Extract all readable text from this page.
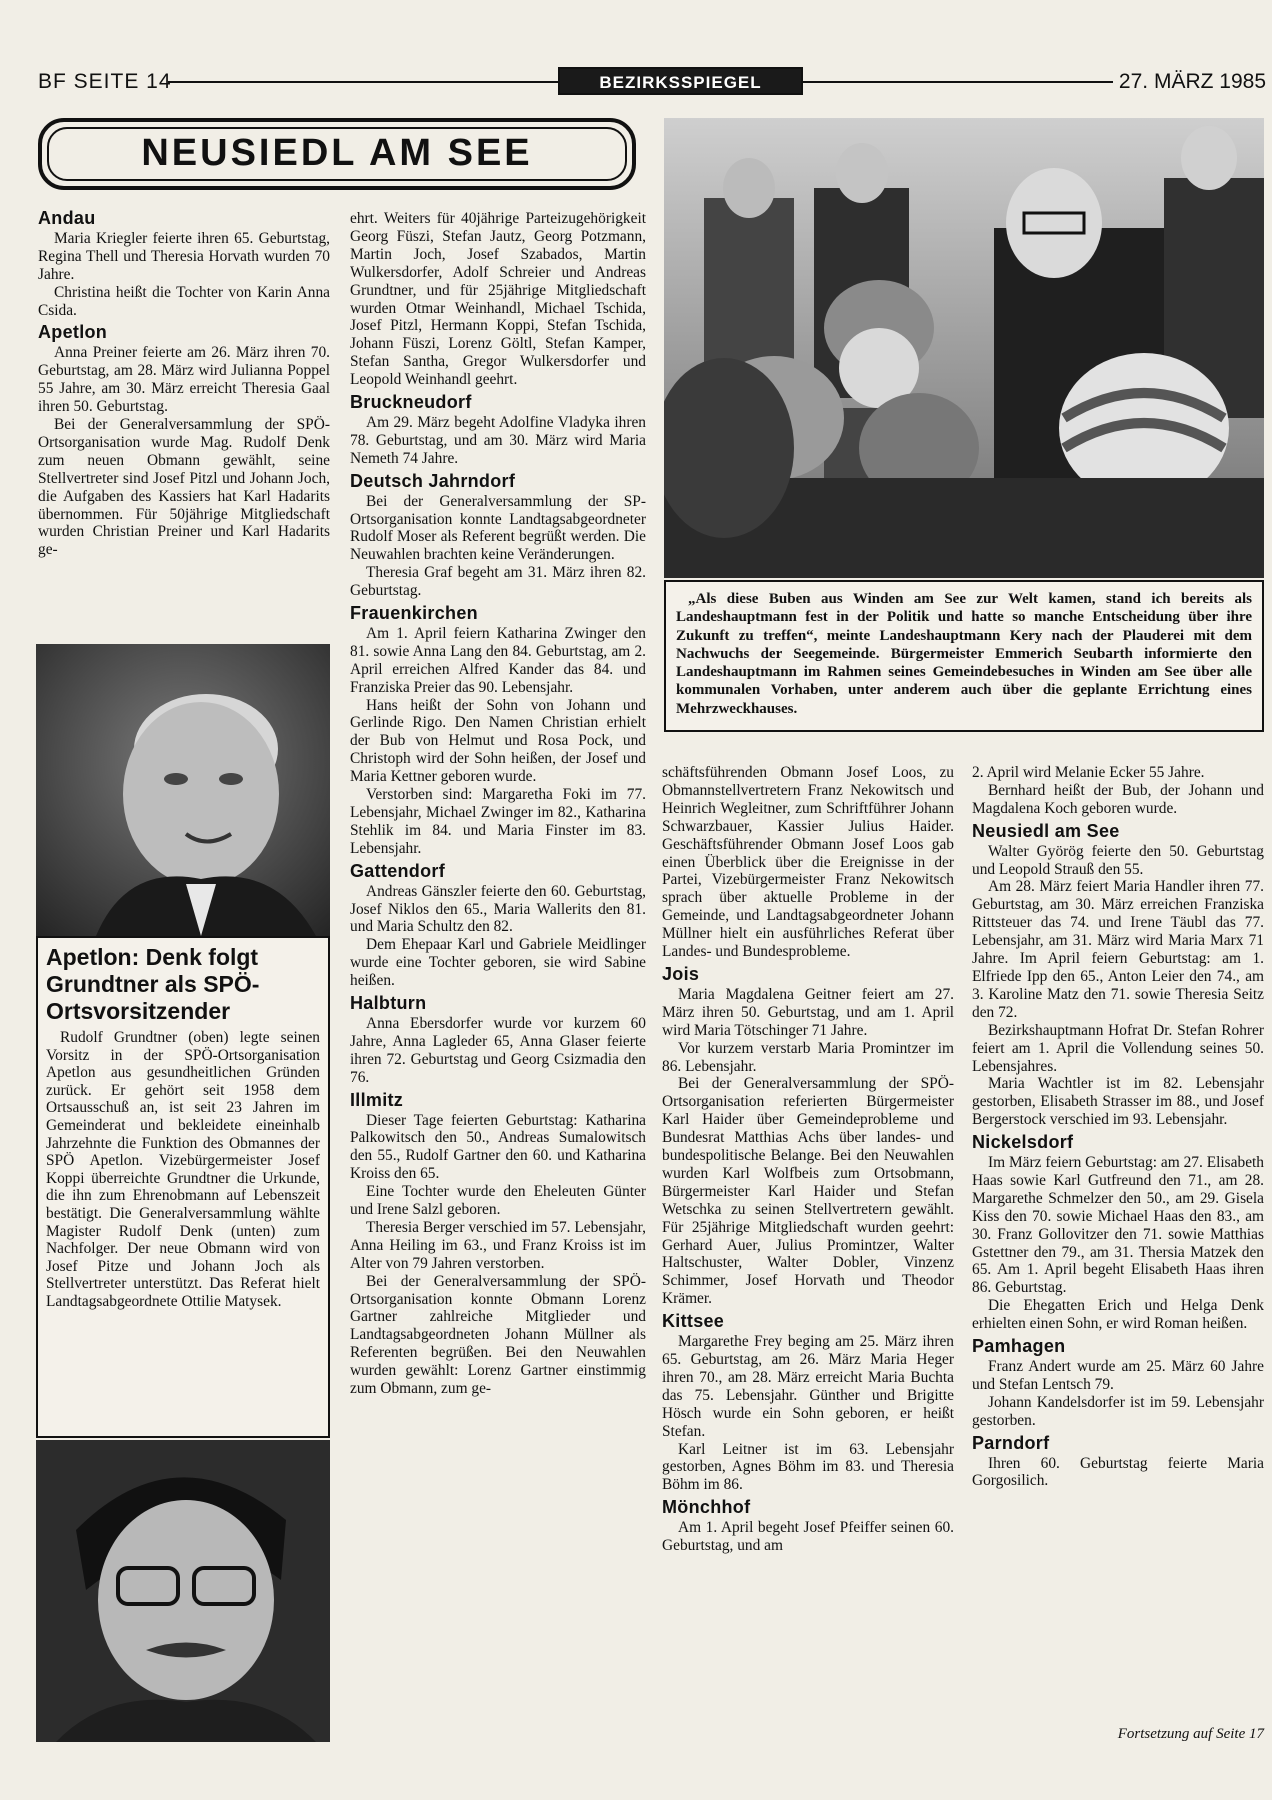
BF SEITE 14	BEZIRKSSPIEGEL	27. MÄRZ 1985
NEUSIEDL AM SEE
Andau

Maria Kriegler feierte ihren 65. Geburtstag, Regina Thell und Theresia Horvath wurden 70 Jahre.

Christina heißt die Tochter von Karin Anna Csida.

Apetlon

Anna Preiner feierte am 26. März ihren 70. Geburtstag, am 28. März wird Julianna Poppel 55 Jahre, am 30. März erreicht Theresia Gaal ihren 50. Geburtstag.

Bei der Generalversammlung der SPÖ-Ortsorganisation wurde Mag. Rudolf Denk zum neuen Obmann gewählt, seine Stellvertreter sind Josef Pitzl und Johann Joch, die Aufgaben des Kassiers hat Karl Hadarits übernommen. Für 50jährige Mitgliedschaft wurden Christian Preiner und Karl Hadarits ge-

Apetlon: Denk folgt Grundtner als SPÖ-Ortsvorsitzender

Rudolf Grundtner (oben) legte seinen Vorsitz in der SPÖ-Ortsorganisation Apetlon aus gesundheitlichen Gründen zurück. Er gehört seit 1958 dem Ortsausschuß an, ist seit 23 Jahren im Gemeinderat und bekleidete eineinhalb Jahrzehnte die Funktion des Obmannes der SPÖ Apetlon. Vizebürgermeister Josef Koppi überreichte Grundtner die Urkunde, die ihn zum Ehrenobmann auf Lebenszeit bestätigt. Die Generalversammlung wählte Magister Rudolf Denk (unten) zum Nachfolger. Der neue Obmann wird von Josef Pitze und Johann Joch als Stellvertreter unterstützt. Das Referat hielt Landtagsabgeordnete Ottilie Matysek.

ehrt. Weiters für 40jährige Parteizugehörigkeit Georg Füszi, Stefan Jautz, Georg Potzmann, Martin Joch, Josef Szabados, Martin Wulkersdorfer, Adolf Schreier und Andreas Grundtner, und für 25jährige Mitgliedschaft wurden Otmar Weinhandl, Michael Tschida, Josef Pitzl, Hermann Koppi, Stefan Tschida, Johann Füszi, Lorenz Göltl, Stefan Kamper, Stefan Santha, Gregor Wulkersdorfer und Leopold Weinhandl geehrt.

Bruckneudorf

Am 29. März begeht Adolfine Vladyka ihren 78. Geburtstag, und am 30. März wird Maria Nemeth 74 Jahre.

Deutsch Jahrndorf

Bei der Generalversammlung der SP-Ortsorganisation konnte Landtagsabgeordneter Rudolf Moser als Referent begrüßt werden. Die Neuwahlen brachten keine Veränderungen.

Theresia Graf begeht am 31. März ihren 82. Geburtstag.

Frauenkirchen

Am 1. April feiern Katharina Zwinger den 81. sowie Anna Lang den 84. Geburtstag, am 2. April erreichen Alfred Kander das 84. und Franziska Preier das 90. Lebensjahr.

Hans heißt der Sohn von Johann und Gerlinde Rigo. Den Namen Christian erhielt der Bub von Helmut und Rosa Pock, und Christoph wird der Sohn heißen, der Josef und Maria Kettner geboren wurde.

Verstorben sind: Margaretha Foki im 77. Lebensjahr, Michael Zwinger im 82., Katharina Stehlik im 84. und Maria Finster im 83. Lebensjahr.

Gattendorf

Andreas Gänszler feierte den 60. Geburtstag, Josef Niklos den 65., Maria Wallerits den 81. und Maria Schultz den 82.

Dem Ehepaar Karl und Gabriele Meidlinger wurde eine Tochter geboren, sie wird Sabine heißen.

Halbturn

Anna Ebersdorfer wurde vor kurzem 60 Jahre, Anna Lagleder 65, Anna Glaser feierte ihren 72. Geburtstag und Georg Csizmadia den 76.

Illmitz

Dieser Tage feierten Geburtstag: Katharina Palkowitsch den 50., Andreas Sumalowitsch den 55., Rudolf Gartner den 60. und Katharina Kroiss den 65.

Eine Tochter wurde den Eheleuten Günter und Irene Salzl geboren.

Theresia Berger verschied im 57. Lebensjahr, Anna Heiling im 63., und Franz Kroiss ist im Alter von 79 Jahren verstorben.

Bei der Generalversammlung der SPÖ-Ortsorganisation konnte Obmann Lorenz Gartner zahlreiche Mitglieder und Landtagsabgeordneten Johann Müllner als Referenten begrüßen. Bei den Neuwahlen wurden gewählt: Lorenz Gartner einstimmig zum Obmann, zum ge-

„Als diese Buben aus Winden am See zur Welt kamen, stand ich bereits als Landeshauptmann fest in der Politik und hatte so manche Entscheidung über ihre Zukunft zu treffen“, meinte Landeshauptmann Kery nach der Plauderei mit dem Nachwuchs der Seegemeinde. Bürgermeister Emmerich Seubarth informierte den Landeshauptmann im Rahmen seines Gemeindebesuches in Winden am See über alle kommunalen Vorhaben, unter anderem auch über die geplante Errichtung eines Mehrzweckhauses.

schäftsführenden Obmann Josef Loos, zu Obmannstellvertretern Franz Nekowitsch und Heinrich Wegleitner, zum Schriftführer Johann Schwarzbauer, Kassier Julius Haider. Geschäftsführender Obmann Josef Loos gab einen Überblick über die Ereignisse in der Partei, Vizebürgermeister Franz Nekowitsch sprach über aktuelle Probleme in der Gemeinde, und Landtagsabgeordneter Johann Müllner hielt ein ausführliches Referat über Landes- und Bundesprobleme.

Jois

Maria Magdalena Geitner feiert am 27. März ihren 50. Geburtstag, und am 1. April wird Maria Tötschinger 71 Jahre.

Vor kurzem verstarb Maria Promintzer im 86. Lebensjahr.

Bei der Generalversammlung der SPÖ-Ortsorganisation referierten Bürgermeister Karl Haider über Gemeindeprobleme und Bundesrat Matthias Achs über landes- und bundespolitische Belange. Bei den Neuwahlen wurden Karl Wolfbeis zum Ortsobmann, Bürgermeister Karl Haider und Stefan Wetschka zu seinen Stellvertretern gewählt. Für 25jährige Mitgliedschaft wurden geehrt: Gerhard Auer, Julius Promintzer, Walter Haltschuster, Walter Dobler, Vinzenz Schimmer, Josef Horvath und Theodor Krämer.

Kittsee

Margarethe Frey beging am 25. März ihren 65. Geburtstag, am 26. März Maria Heger ihren 70., am 28. März erreicht Maria Buchta das 75. Lebensjahr. Günther und Brigitte Hösch wurde ein Sohn geboren, er heißt Stefan.

Karl Leitner ist im 63. Lebensjahr gestorben, Agnes Böhm im 83. und Theresia Böhm im 86.

Mönchhof

Am 1. April begeht Josef Pfeiffer seinen 60. Geburtstag, und am

2. April wird Melanie Ecker 55 Jahre.

Bernhard heißt der Bub, der Johann und Magdalena Koch geboren wurde.

Neusiedl am See

Walter Györög feierte den 50. Geburtstag und Leopold Strauß den 55.

Am 28. März feiert Maria Handler ihren 77. Geburtstag, am 30. März erreichen Franziska Rittsteuer das 74. und Irene Täubl das 77. Lebensjahr, am 31. März wird Maria Marx 71 Jahre. Im April feiern Geburtstag: am 1. Elfriede Ipp den 65., Anton Leier den 74., am 3. Karoline Matz den 71. sowie Theresia Seitz den 72.

Bezirkshauptmann Hofrat Dr. Stefan Rohrer feiert am 1. April die Vollendung seines 50. Lebensjahres.

Maria Wachtler ist im 82. Lebensjahr gestorben, Elisabeth Strasser im 88., und Josef Bergerstock verschied im 93. Lebensjahr.

Nickelsdorf

Im März feiern Geburtstag: am 27. Elisabeth Haas sowie Karl Gutfreund den 71., am 28. Margarethe Schmelzer den 50., am 29. Gisela Kiss den 70. sowie Michael Haas den 83., am 30. Franz Gollovitzer den 71. sowie Matthias Gstettner den 79., am 31. Thersia Matzek den 65. Am 1. April begeht Elisabeth Haas ihren 86. Geburtstag.

Die Ehegatten Erich und Helga Denk erhielten einen Sohn, er wird Roman heißen.

Pamhagen

Franz Andert wurde am 25. März 60 Jahre und Stefan Lentsch 79.

Johann Kandelsdorfer ist im 59. Lebensjahr gestorben.

Parndorf

Ihren 60. Geburtstag feierte Maria Gorgosilich.

Fortsetzung auf Seite 17
